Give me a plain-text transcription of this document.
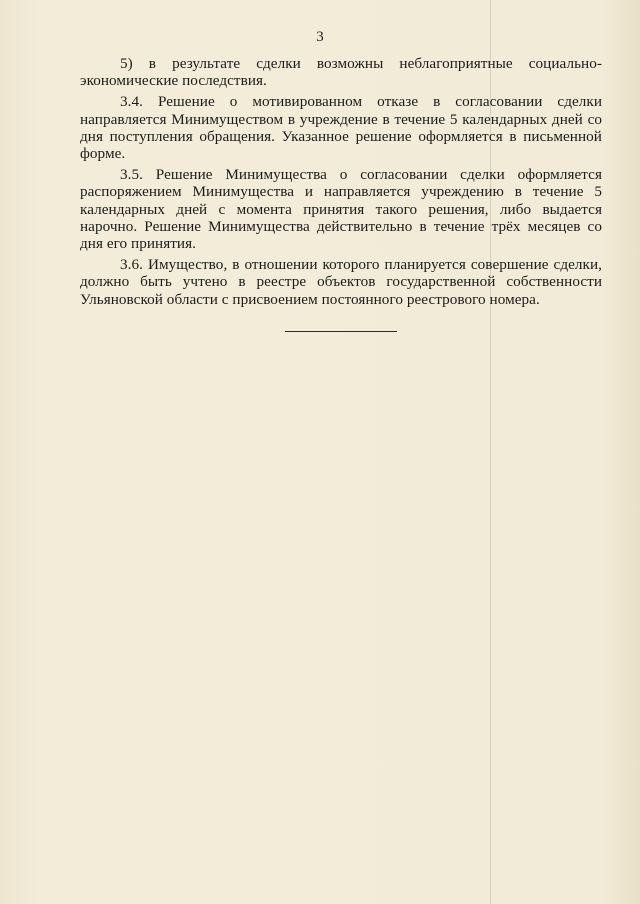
3

5) в результате сделки возможны неблагоприятные социально-экономические последствия.

3.4. Решение о мотивированном отказе в согласовании сделки направляется Минимуществом в учреждение в течение 5 календарных дней со дня поступления обращения. Указанное решение оформляется в письменной форме.

3.5. Решение Минимущества о согласовании сделки оформляется распоряжением Минимущества и направляется учреждению в течение 5 календарных дней с момента принятия такого решения, либо выдается нарочно. Решение Минимущества действительно в течение трёх месяцев со дня его принятия.

3.6. Имущество, в отношении которого планируется совершение сделки, должно быть учтено в реестре объектов государственной собственности Ульяновской области с присвоением постоянного реестрового номера.
